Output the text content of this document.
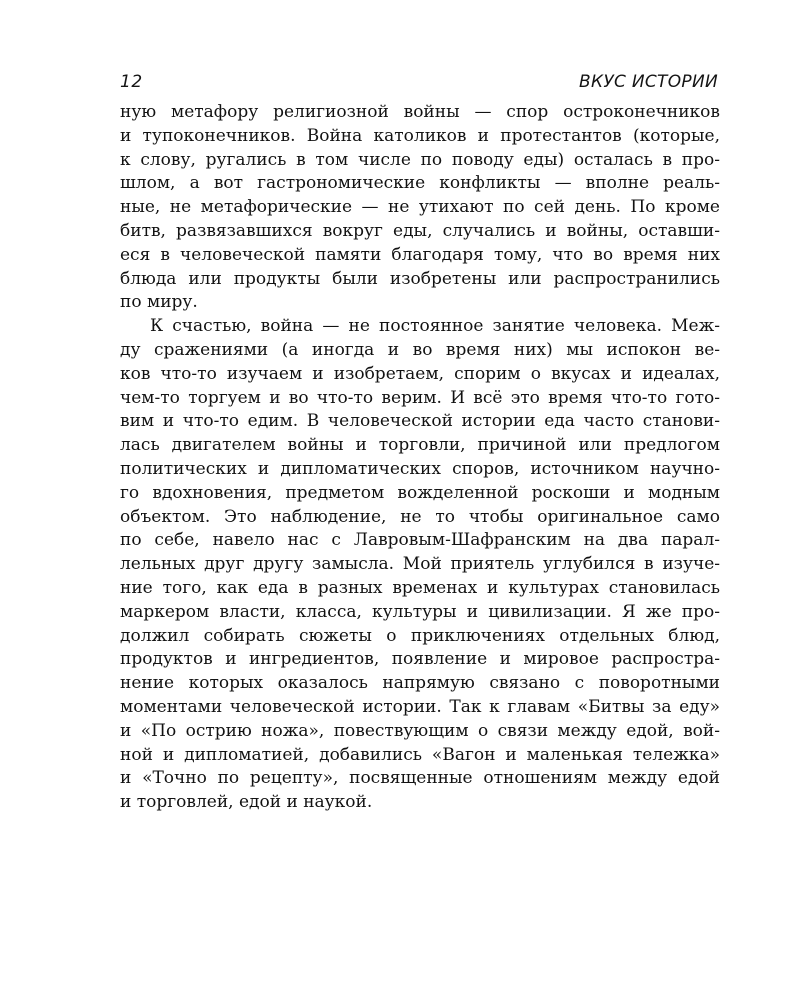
12	ВКУС ИСТОРИИ
ную метафору религиозной войны — спор остроконечников
и тупоконечников. Война католиков и протестантов (которые,
к слову, ругались в том числе по поводу еды) осталась в про-
шлом, а вот гастрономические конфликты — вполне реаль-
ные, не метафорические — не утихают по сей день. По кроме
битв, развязавшихся вокруг еды, случались и войны, оставши-
еся в человеческой памяти благодаря тому, что во время них
блюда или продукты были изобретены или распространились
по миру.
К счастью, война — не постоянное занятие человека. Меж-
ду сражениями (а иногда и во время них) мы испокон ве-
ков что-то изучаем и изобретаем, спорим о вкусах и идеалах,
чем-то торгуем и во что-то верим. И всё это время что-то гото-
вим и что-то едим. В человеческой истории еда часто станови-
лась двигателем войны и торговли, причиной или предлогом
политических и дипломатических споров, источником научно-
го вдохновения, предметом вожделенной роскоши и модным
объектом. Это наблюдение, не то чтобы оригинальное само
по себе, навело нас с Лавровым-Шафранским на два парал-
лельных друг другу замысла. Мой приятель углубился в изуче-
ние того, как еда в разных временах и культурах становилась
маркером власти, класса, культуры и цивилизации. Я же про-
должил собирать сюжеты о приключениях отдельных блюд,
продуктов и ингредиентов, появление и мировое распростра-
нение которых оказалось напрямую связано с поворотными
моментами человеческой истории. Так к главам «Битвы за еду»
и «По острию ножа», повествующим о связи между едой, вой-
ной и дипломатией, добавились «Вагон и маленькая тележка»
и «Точно по рецепту», посвященные отношениям между едой
и торговлей, едой и наукой.
